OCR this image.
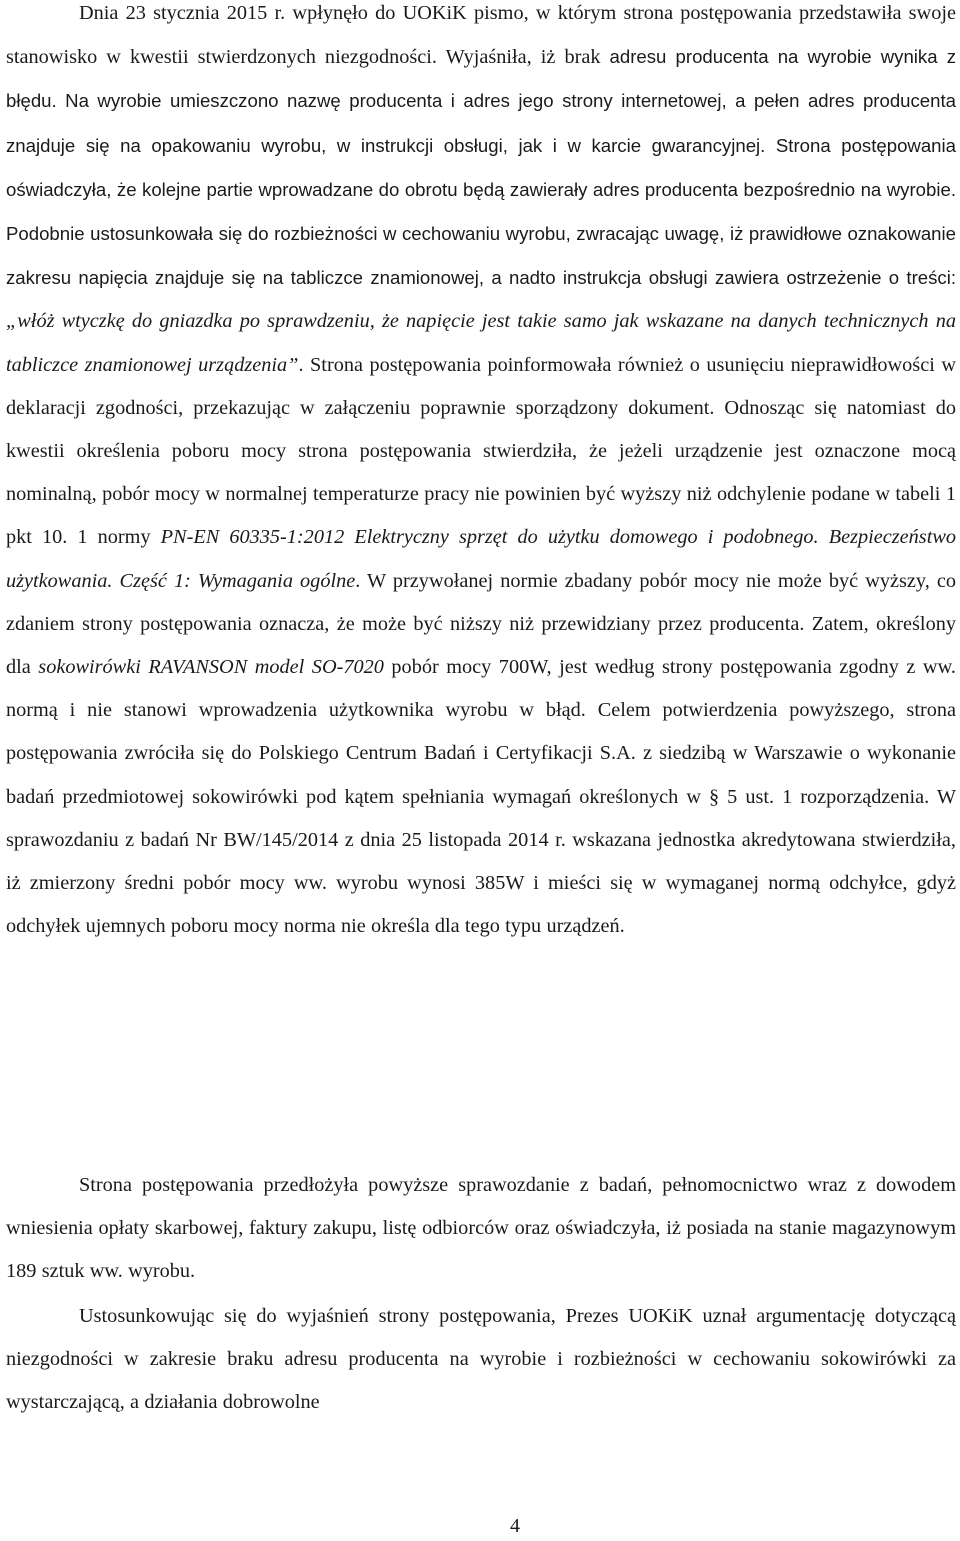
Dnia 23 stycznia 2015 r. wpłynęło do UOKiK pismo, w którym strona postępowania przedstawiła swoje stanowisko w kwestii stwierdzonych niezgodności. Wyjaśniła, iż brak adresu producenta na wyrobie wynika z błędu. Na wyrobie umieszczono nazwę producenta i adres jego strony internetowej, a pełen adres producenta znajduje się na opakowaniu wyrobu, w instrukcji obsługi, jak i w karcie gwarancyjnej. Strona postępowania oświadczyła, że kolejne partie wprowadzane do obrotu będą zawierały adres producenta bezpośrednio na wyrobie. Podobnie ustosunkowała się do rozbieżności w cechowaniu wyrobu, zwracając uwagę, iż prawidłowe oznakowanie zakresu napięcia znajduje się na tabliczce znamionowej, a nadto instrukcja obsługi zawiera ostrzeżenie o treści: „włóż wtyczkę do gniazdka po sprawdzeniu, że napięcie jest takie samo jak wskazane na danych technicznych na tabliczce znamionowej urządzenia”. Strona postępowania poinformowała również o usunięciu nieprawidłowości w deklaracji zgodności, przekazując w załączeniu poprawnie sporządzony dokument. Odnosząc się natomiast do kwestii określenia poboru mocy strona postępowania stwierdziła, że jeżeli urządzenie jest oznaczone mocą nominalną, pobór mocy w normalnej temperaturze pracy nie powinien być wyższy niż odchylenie podane w tabeli 1 pkt 10. 1 normy PN-EN 60335-1:2012 Elektryczny sprzęt do użytku domowego i podobnego. Bezpieczeństwo użytkowania. Część 1: Wymagania ogólne. W przywołanej normie zbadany pobór mocy nie może być wyższy, co zdaniem strony postępowania oznacza, że może być niższy niż przewidziany przez producenta. Zatem, określony dla sokowirówki RAVANSON model SO-7020 pobór mocy 700W, jest według strony postępowania zgodny z ww. normą i nie stanowi wprowadzenia użytkownika wyrobu w błąd. Celem potwierdzenia powyższego, strona postępowania zwróciła się do Polskiego Centrum Badań i Certyfikacji S.A. z siedzibą w Warszawie o wykonanie badań przedmiotowej sokowirówki pod kątem spełniania wymagań określonych w § 5 ust. 1 rozporządzenia. W sprawozdaniu z badań Nr BW/145/2014 z dnia 25 listopada 2014 r. wskazana jednostka akredytowana stwierdziła, iż zmierzony średni pobór mocy ww. wyrobu wynosi 385W i mieści się w wymaganej normą odchyłce, gdyż odchyłek ujemnych poboru mocy norma nie określa dla tego typu urządzeń.

Strona postępowania przedłożyła powyższe sprawozdanie z badań, pełnomocnictwo wraz z dowodem wniesienia opłaty skarbowej, faktury zakupu, listę odbiorców oraz oświadczyła, iż posiada na stanie magazynowym 189 sztuk ww. wyrobu.

Ustosunkowując się do wyjaśnień strony postępowania, Prezes UOKiK uznał argumentację dotyczącą niezgodności w zakresie braku adresu producenta na wyrobie i rozbieżności w cechowaniu sokowirówki za wystarczającą, a działania dobrowolne

4
